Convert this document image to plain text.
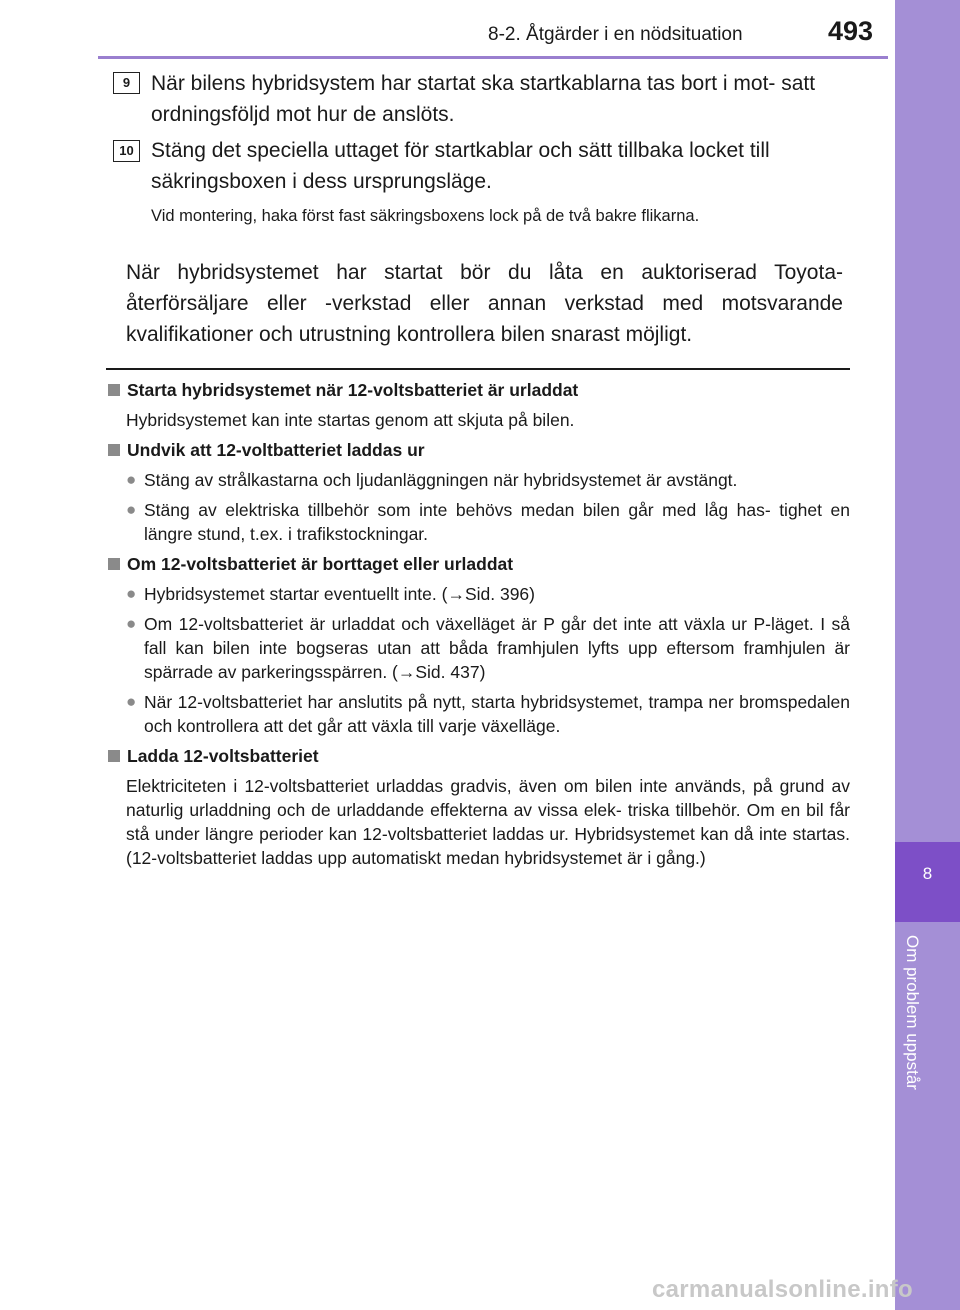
8-2. Åtgärder i en nödsituation	493
8
Om problem uppstår
9 När bilens hybridsystem har startat ska startkablarna tas bort i mot- satt ordningsföljd mot hur de anslöts.
10 Stäng det speciella uttaget för startkablar och sätt tillbaka locket till säkringsboxen i dess ursprungsläge.
Vid montering, haka först fast säkringsboxens lock på de två bakre flikarna.
När hybridsystemet har startat bör du låta en auktoriserad Toyota- återförsäljare eller -verkstad eller annan verkstad med motsvarande kvalifikationer och utrustning kontrollera bilen snarast möjligt.
Starta hybridsystemet när 12-voltsbatteriet är urladdat
Hybridsystemet kan inte startas genom att skjuta på bilen.
Undvik att 12-voltbatteriet laddas ur
● Stäng av strålkastarna och ljudanläggningen när hybridsystemet är avstängt.
● Stäng av elektriska tillbehör som inte behövs medan bilen går med låg has- tighet en längre stund, t.ex. i trafikstockningar.
Om 12-voltsbatteriet är borttaget eller urladdat
● Hybridsystemet startar eventuellt inte. (→Sid. 396)
● Om 12-voltsbatteriet är urladdat och växelläget är P går det inte att växla ur P-läget. I så fall kan bilen inte bogseras utan att båda framhjulen lyfts upp eftersom framhjulen är spärrade av parkeringsspärren. (→Sid. 437)
● När 12-voltsbatteriet har anslutits på nytt, starta hybridsystemet, trampa ner bromspedalen och kontrollera att det går att växla till varje växelläge.
Ladda 12-voltsbatteriet
Elektriciteten i 12-voltsbatteriet urladdas gradvis, även om bilen inte används, på grund av naturlig urladdning och de urladdande effekterna av vissa elek- triska tillbehör. Om en bil får stå under längre perioder kan 12-voltsbatteriet laddas ur. Hybridsystemet kan då inte startas. (12-voltsbatteriet laddas upp automatiskt medan hybridsystemet är i gång.)
carmanualsonline.info
